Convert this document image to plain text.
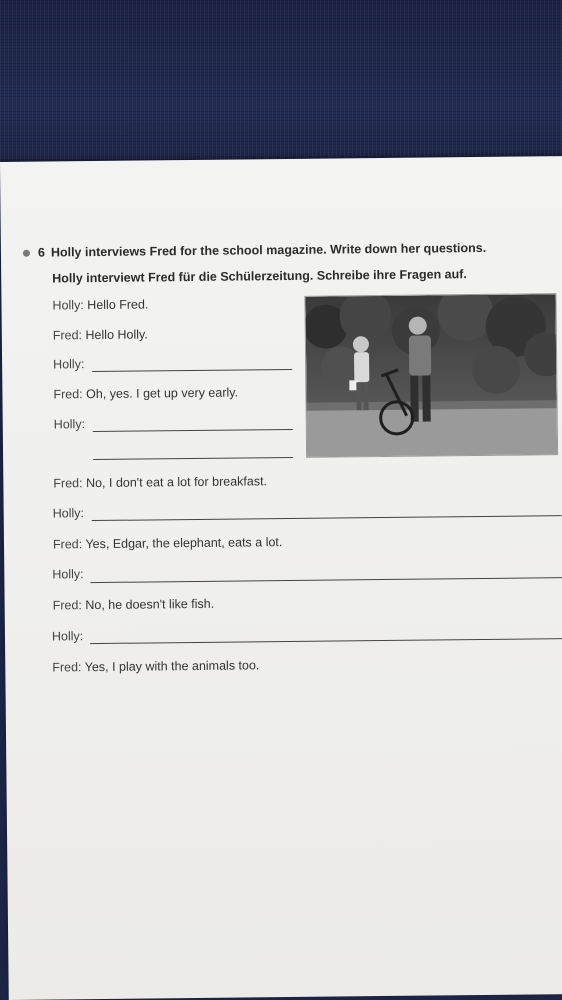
6 Holly interviews Fred for the school magazine. Write down her questions.
Holly interviewt Fred für die Schülerzeitung. Schreibe ihre Fragen auf.
Holly: Hello Fred.
Fred: Hello Holly.
Holly:
Fred: Oh, yes. I get up very early.
Holly:
Fred: No, I don't eat a lot for breakfast.
Holly:
Fred: Yes, Edgar, the elephant, eats a lot.
Holly:
Fred: No, he doesn't like fish.
Holly:
Fred: Yes, I play with the animals too.
